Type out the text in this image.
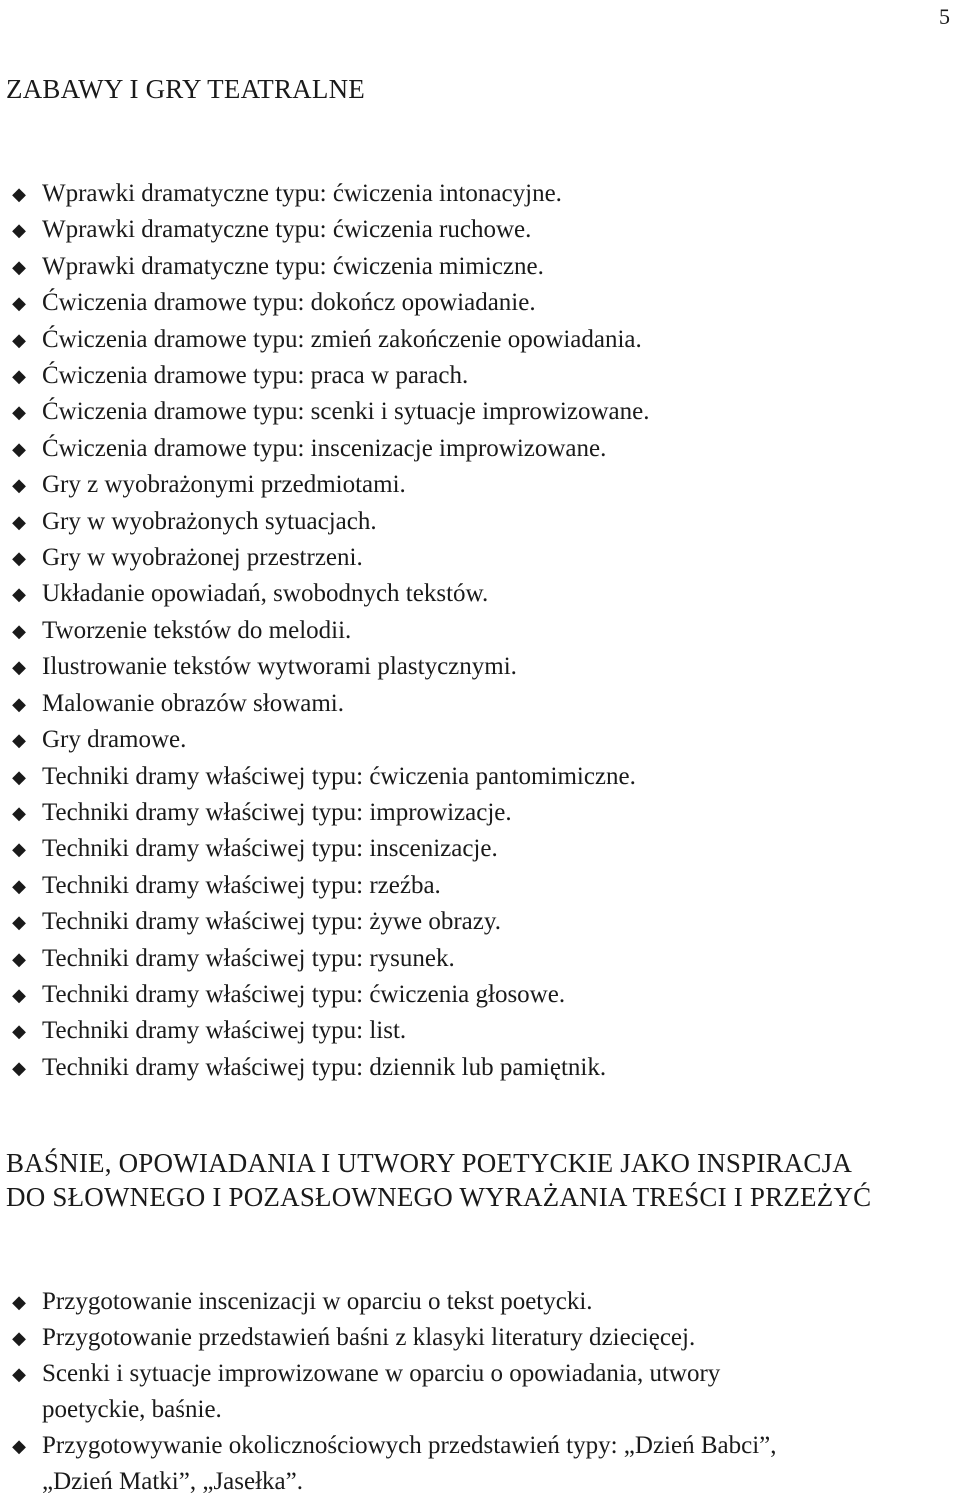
5
ZABAWY I GRY TEATRALNE
◆ Wprawki dramatyczne typu: ćwiczenia intonacyjne.
◆ Wprawki dramatyczne typu: ćwiczenia ruchowe.
◆ Wprawki dramatyczne typu: ćwiczenia mimiczne.
◆ Ćwiczenia dramowe typu: dokończ opowiadanie.
◆ Ćwiczenia dramowe typu: zmień zakończenie opowiadania.
◆ Ćwiczenia dramowe typu: praca w parach.
◆ Ćwiczenia dramowe typu: scenki i sytuacje improwizowane.
◆ Ćwiczenia dramowe typu: inscenizacje improwizowane.
◆ Gry z wyobrażonymi przedmiotami.
◆ Gry w wyobrażonych sytuacjach.
◆ Gry w wyobrażonej przestrzeni.
◆ Układanie opowiadań, swobodnych tekstów.
◆ Tworzenie tekstów do melodii.
◆ Ilustrowanie tekstów wytworami plastycznymi.
◆ Malowanie obrazów słowami.
◆ Gry dramowe.
◆ Techniki dramy właściwej typu: ćwiczenia pantomimiczne.
◆ Techniki dramy właściwej typu: improwizacje.
◆ Techniki dramy właściwej typu: inscenizacje.
◆ Techniki dramy właściwej typu: rzeźba.
◆ Techniki dramy właściwej typu: żywe obrazy.
◆ Techniki dramy właściwej typu: rysunek.
◆ Techniki dramy właściwej typu: ćwiczenia głosowe.
◆ Techniki dramy właściwej typu: list.
◆ Techniki dramy właściwej typu: dziennik lub pamiętnik.
BAŚNIE, OPOWIADANIA I UTWORY POETYCKIE JAKO INSPIRACJA
DO SŁOWNEGO I POZASŁOWNEGO WYRAŻANIA TREŚCI I PRZEŻYĆ
◆ Przygotowanie inscenizacji w oparciu o tekst poetycki.
◆ Przygotowanie przedstawień baśni z klasyki literatury dziecięcej.
◆ Scenki i sytuacje improwizowane w oparciu o opowiadania, utwory
poetyckie, baśnie.
◆ Przygotowywanie okolicznościowych przedstawień typy: „Dzień Babci”,
„Dzień Matki”, „Jasełka”.
